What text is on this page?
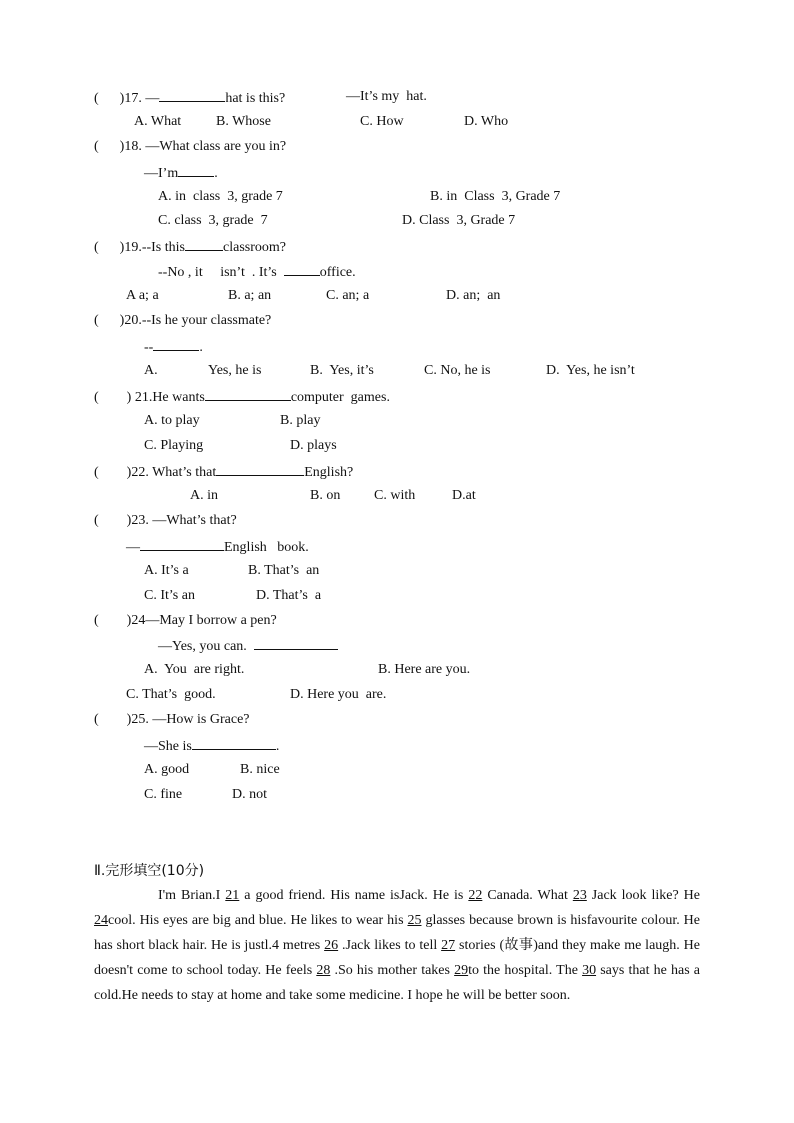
(      )17. —	hat is this?	—It’s my  hat.
A. What B. Whose	C. How	D. Who
(      )18. —What class are you in?
—I’m	.
A. in  class  3, grade 7	B. in  Class  3, Grade 7
C. class  3, grade  7	D. Class  3, Grade 7
(      )19.--Is this	classroom?
--No , it     isn’t  . It’s	office.
A a; a	B. a; an	C. an; a	D. an;  an
(      )20.--Is he your classmate?
--	.
A.	Yes, he is	B.  Yes, it’s	C. No, he is	D.  Yes, he isn’t
(        ) 21.He wants	computer  games.
A. to play	B. play
C. Playing	D. plays
(        )22. What’s that	English?
A. in	B. on C. with	D.at
(        )23. —What’s that?
—	English   book.
A. It’s a	B. That’s  an
C. It’s an	D. That’s  a
(        )24—May I borrow a pen?
—Yes, you can.
A.  You  are right.	B. Here are you.
C. That’s  good.	D. Here you  are.
(        )25. —How is Grace?
—She is	.
A. good	B. nice
C. fine	D. not
Ⅱ.完形填空(10分)

I'm Brian.I 21 a good friend. His name isJack. He is 22 Canada. What 23 Jack look like? He 24cool. His eyes are big and blue. He likes to wear his 25 glasses because brown is hisfavourite colour. He has short black hair. He is justl.4 metres 26 .Jack likes to tell 27 stories (故事)and they make me laugh. He doesn't come to school today. He feels 28 .So his mother takes 29to the hospital. The 30 says that he has a cold.He needs to stay at home and take some medicine. I hope he will be better soon.
